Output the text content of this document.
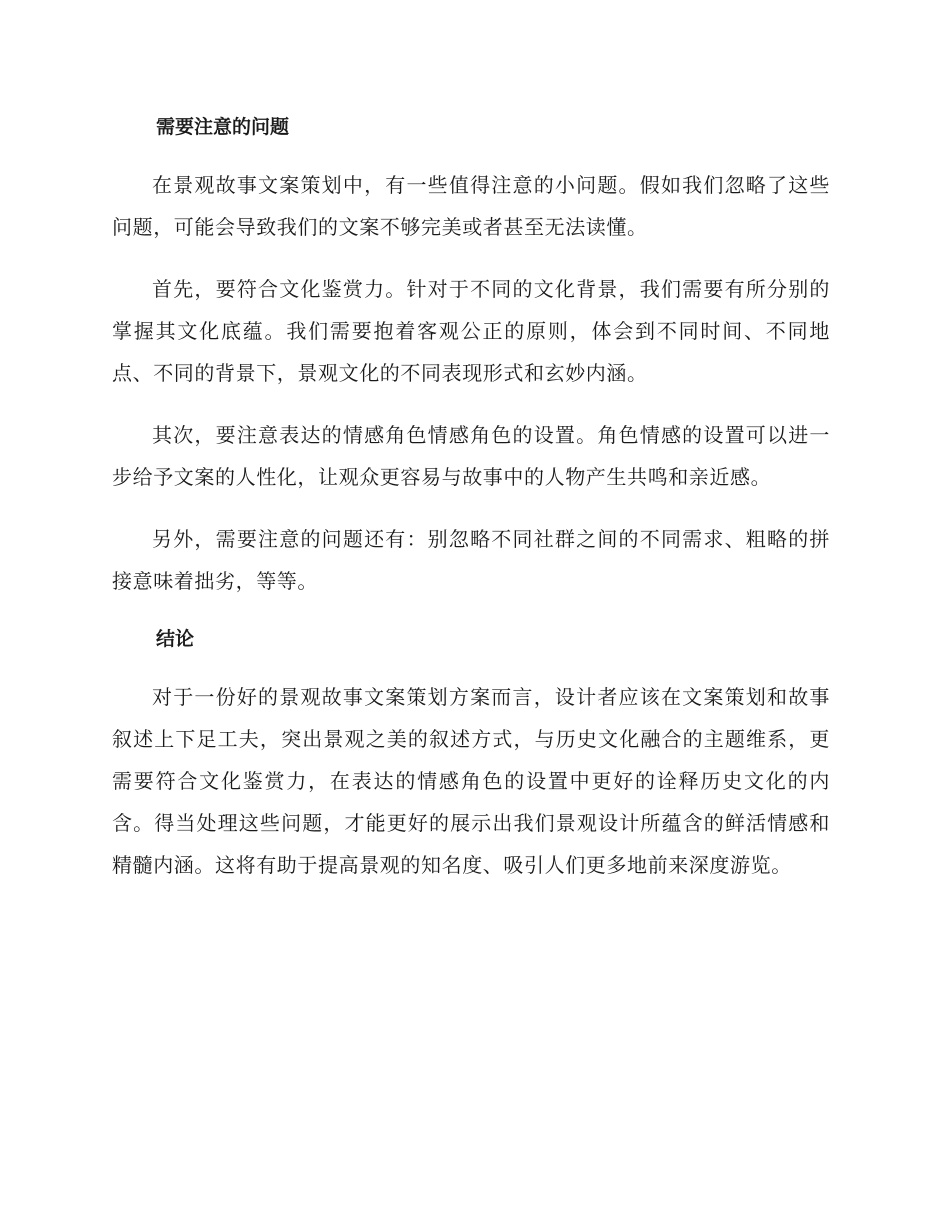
需要注意的问题

在景观故事文案策划中，有一些值得注意的小问题。假如我们忽略了这些问题，可能会导致我们的文案不够完美或者甚至无法读懂。

首先，要符合文化鉴赏力。针对于不同的文化背景，我们需要有所分别的掌握其文化底蕴。我们需要抱着客观公正的原则，体会到不同时间、不同地点、不同的背景下，景观文化的不同表现形式和玄妙内涵。

其次，要注意表达的情感角色情感角色的设置。角色情感的设置可以进一步给予文案的人性化，让观众更容易与故事中的人物产生共鸣和亲近感。

另外，需要注意的问题还有：别忽略不同社群之间的不同需求、粗略的拼接意味着拙劣，等等。

结论

对于一份好的景观故事文案策划方案而言，设计者应该在文案策划和故事叙述上下足工夫，突出景观之美的叙述方式，与历史文化融合的主题维系，更需要符合文化鉴赏力，在表达的情感角色的设置中更好的诠释历史文化的内含。得当处理这些问题，才能更好的展示出我们景观设计所蕴含的鲜活情感和精髓内涵。这将有助于提高景观的知名度、吸引人们更多地前来深度游览。
